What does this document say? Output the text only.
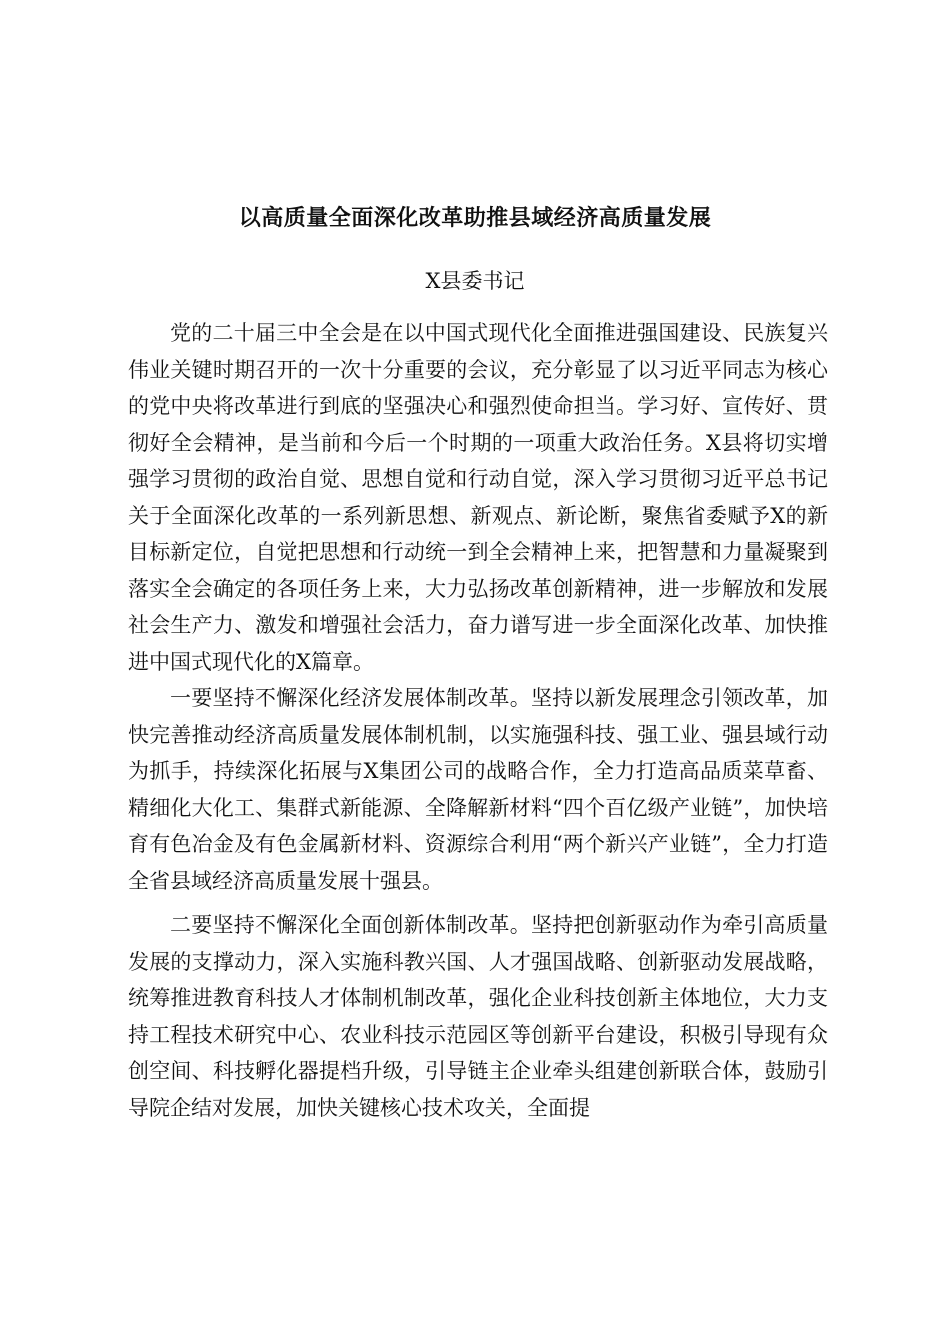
以高质量全面深化改革助推县域经济高质量发展
X县委书记

党的二十届三中全会是在以中国式现代化全面推进强国建设、民族复兴伟业关键时期召开的一次十分重要的会议，充分彰显了以习近平同志为核心的党中央将改革进行到底的坚强决心和强烈使命担当。学习好、宣传好、贯彻好全会精神，是当前和今后一个时期的一项重大政治任务。X县将切实增强学习贯彻的政治自觉、思想自觉和行动自觉，深入学习贯彻习近平总书记关于全面深化改革的一系列新思想、新观点、新论断，聚焦省委赋予X的新目标新定位，自觉把思想和行动统一到全会精神上来，把智慧和力量凝聚到落实全会确定的各项任务上来，大力弘扬改革创新精神，进一步解放和发展社会生产力、激发和增强社会活力，奋力谱写进一步全面深化改革、加快推进中国式现代化的X篇章。

一要坚持不懈深化经济发展体制改革。坚持以新发展理念引领改革，加快完善推动经济高质量发展体制机制，以实施强科技、强工业、强县域行动为抓手，持续深化拓展与X集团公司的战略合作，全力打造高品质菜草畜、精细化大化工、集群式新能源、全降解新材料“四个百亿级产业链”，加快培育有色冶金及有色金属新材料、资源综合利用“两个新兴产业链”，全力打造全省县域经济高质量发展十强县。

二要坚持不懈深化全面创新体制改革。坚持把创新驱动作为牵引高质量发展的支撑动力，深入实施科教兴国、人才强国战略、创新驱动发展战略，统筹推进教育科技人才体制机制改革，强化企业科技创新主体地位，大力支持工程技术研究中心、农业科技示范园区等创新平台建设，积极引导现有众创空间、科技孵化器提档升级，引导链主企业牵头组建创新联合体，鼓励引导院企结对发展，加快关键核心技术攻关，全面提
